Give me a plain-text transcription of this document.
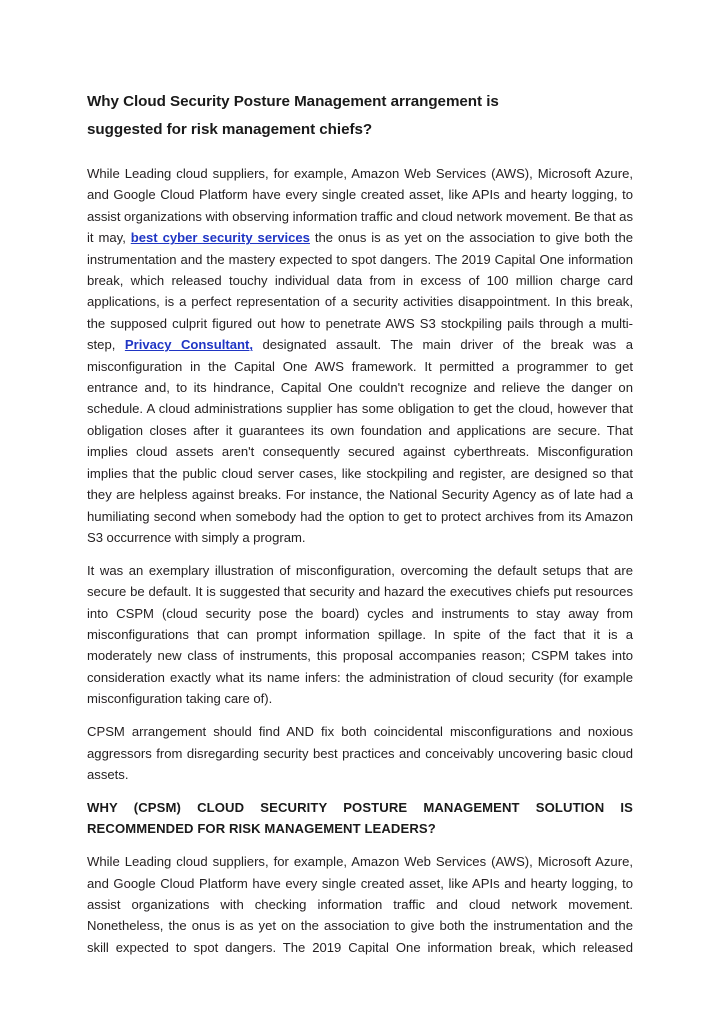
Why Cloud Security Posture Management arrangement is suggested for risk management chiefs?

While Leading cloud suppliers, for example, Amazon Web Services (AWS), Microsoft Azure, and Google Cloud Platform have every single created asset, like APIs and hearty logging, to assist organizations with observing information traffic and cloud network movement. Be that as it may, best cyber security services the onus is as yet on the association to give both the instrumentation and the mastery expected to spot dangers. The 2019 Capital One information break, which released touchy individual data from in excess of 100 million charge card applications, is a perfect representation of a security activities disappointment. In this break, the supposed culprit figured out how to penetrate AWS S3 stockpiling pails through a multi-step, Privacy Consultant, designated assault. The main driver of the break was a misconfiguration in the Capital One AWS framework. It permitted a programmer to get entrance and, to its hindrance, Capital One couldn't recognize and relieve the danger on schedule. A cloud administrations supplier has some obligation to get the cloud, however that obligation closes after it guarantees its own foundation and applications are secure. That implies cloud assets aren't consequently secured against cyberthreats. Misconfiguration implies that the public cloud server cases, like stockpiling and register, are designed so that they are helpless against breaks. For instance, the National Security Agency as of late had a humiliating second when somebody had the option to get to protect archives from its Amazon S3 occurrence with simply a program.

It was an exemplary illustration of misconfiguration, overcoming the default setups that are secure be default. It is suggested that security and hazard the executives chiefs put resources into CSPM (cloud security pose the board) cycles and instruments to stay away from misconfigurations that can prompt information spillage. In spite of the fact that it is a moderately new class of instruments, this proposal accompanies reason; CSPM takes into consideration exactly what its name infers: the administration of cloud security (for example misconfiguration taking care of).

CPSM arrangement should find AND fix both coincidental misconfigurations and noxious aggressors from disregarding security best practices and conceivably uncovering basic cloud assets.

WHY (CPSM) CLOUD SECURITY POSTURE MANAGEMENT SOLUTION IS RECOMMENDED FOR RISK MANAGEMENT LEADERS?

While Leading cloud suppliers, for example, Amazon Web Services (AWS), Microsoft Azure, and Google Cloud Platform have every single created asset, like APIs and hearty logging, to assist organizations with checking information traffic and cloud network movement. Nonetheless, the onus is as yet on the association to give both the instrumentation and the skill expected to spot dangers. The 2019 Capital One information break, which released
